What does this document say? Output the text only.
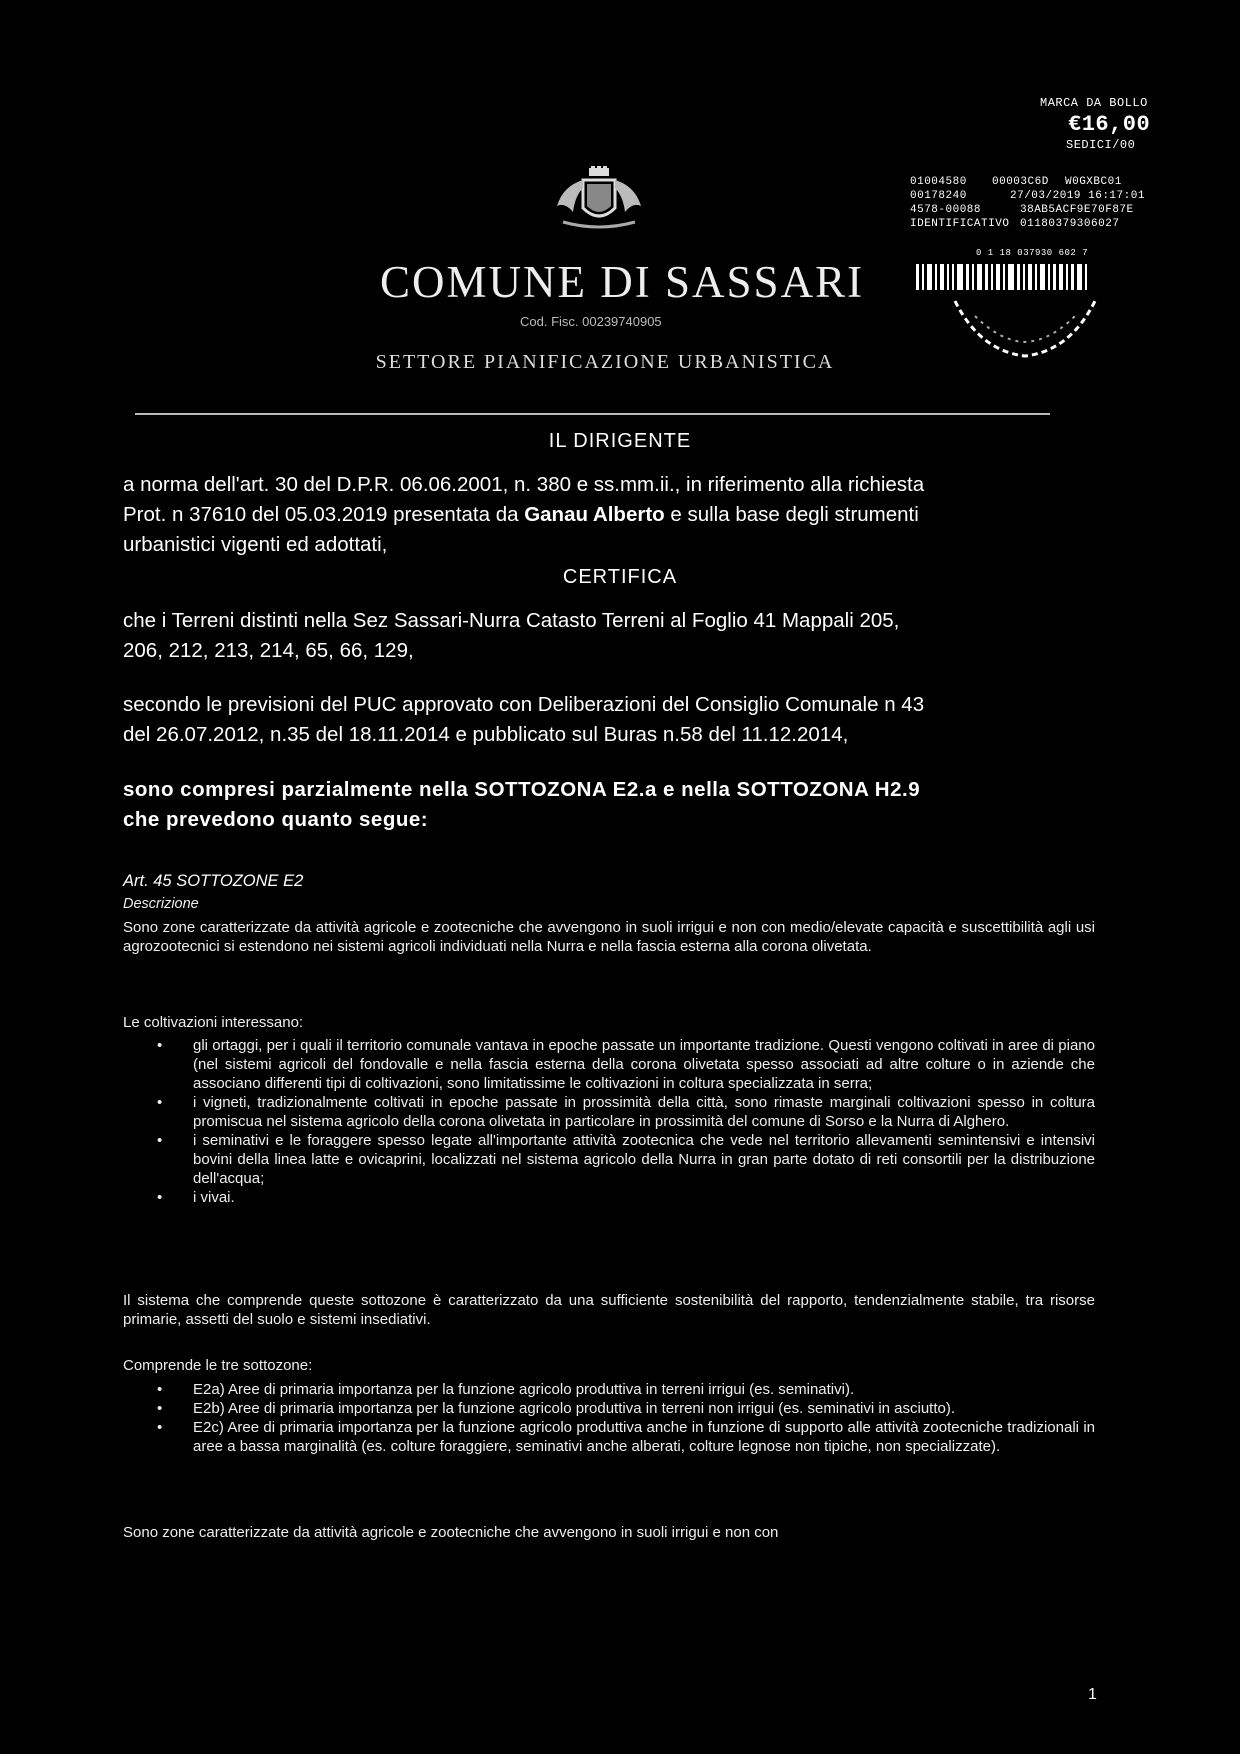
COMUNE DI SASSARI
Cod. Fisc. 00239740905
SETTORE PIANIFICAZIONE URBANISTICA
MARCA DA BOLLO
€16,00
SEDICI/00
01004580 00003C6D W0GXBC01
00178240	27/03/2019 16:17:01
4578-00088	38AB5ACF9E70F87E
IDENTIFICATIVO 01180379306027
0 1 18 037930 602 7
IL DIRIGENTE
a norma dell'art. 30 del D.P.R. 06.06.2001, n. 380 e ss.mm.ii., in riferimento alla richiesta
Prot. n 37610 del 05.03.2019 presentata da Ganau Alberto e sulla base degli strumenti
urbanistici vigenti ed adottati,
CERTIFICA
che i Terreni distinti nella Sez Sassari-Nurra Catasto Terreni al Foglio 41 Mappali 205,
206, 212, 213, 214, 65, 66, 129,
secondo le previsioni del PUC approvato con Deliberazioni del Consiglio Comunale n 43
del 26.07.2012, n.35 del 18.11.2014 e pubblicato sul Buras n.58 del 11.12.2014,
sono compresi parzialmente nella SOTTOZONA E2.a e nella SOTTOZONA H2.9
che prevedono quanto segue:
Art. 45 SOTTOZONE E2
Descrizione
Sono zone caratterizzate da attività agricole e zootecniche che avvengono in suoli irrigui e non con medio/elevate capacità e suscettibilità agli usi agrozootecnici si estendono nei sistemi agricoli individuati nella Nurra e nella fascia esterna alla corona olivetata.
Le coltivazioni interessano:
• gli ortaggi, per i quali il territorio comunale vantava in epoche passate un importante tradizione. Questi vengono coltivati in aree di piano (nel sistemi agricoli del fondovalle e nella fascia esterna della corona olivetata spesso associati ad altre colture o in aziende che associano differenti tipi di coltivazioni, sono limitatissime le coltivazioni in coltura specializzata in serra;
• i vigneti, tradizionalmente coltivati in epoche passate in prossimità della città, sono rimaste marginali coltivazioni spesso in coltura promiscua nel sistema agricolo della corona olivetata in particolare in prossimità del comune di Sorso e la Nurra di Alghero.
• i seminativi e le foraggere spesso legate all'importante attività zootecnica che vede nel territorio allevamenti semintensivi e intensivi bovini della linea latte e ovicaprini, localizzati nel sistema agricolo della Nurra in gran parte dotato di reti consortili per la distribuzione dell'acqua;
• i vivai.
Il sistema che comprende queste sottozone è caratterizzato da una sufficiente sostenibilità del rapporto, tendenzialmente stabile, tra risorse primarie, assetti del suolo e sistemi insediativi.
Comprende le tre sottozone:
• E2a) Aree di primaria importanza per la funzione agricolo produttiva in terreni irrigui (es. seminativi).
• E2b) Aree di primaria importanza per la funzione agricolo produttiva in terreni non irrigui (es. seminativi in asciutto).
• E2c) Aree di primaria importanza per la funzione agricolo produttiva anche in funzione di supporto alle attività zootecniche tradizionali in aree a bassa marginalità (es. colture foraggiere, seminativi anche alberati, colture legnose non tipiche, non specializzate).
Sono zone caratterizzate da attività agricole e zootecniche che avvengono in suoli irrigui e non con
1
